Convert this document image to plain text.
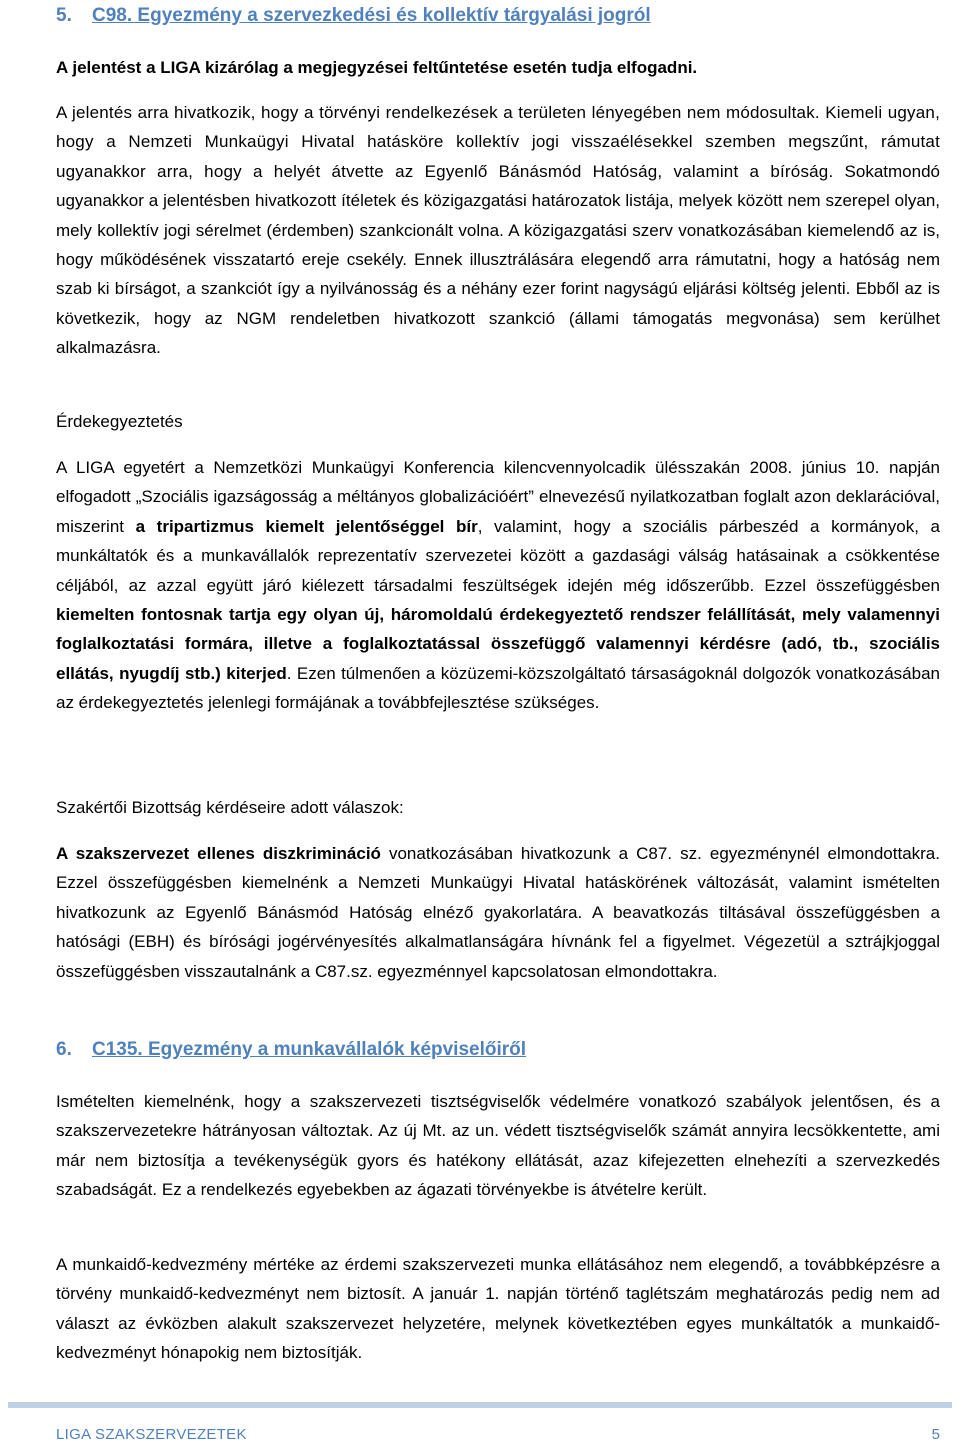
5. C98. Egyezmény a szervezkedési és kollektív tárgyalási jogról

A jelentést a LIGA kizárólag a megjegyzései feltűntetése esetén tudja elfogadni.

A jelentés arra hivatkozik, hogy a törvényi rendelkezések a területen lényegében nem módosultak. Kiemeli ugyan, hogy a Nemzeti Munkaügyi Hivatal hatásköre kollektív jogi visszaélésekkel szemben megszűnt, rámutat ugyanakkor arra, hogy a helyét átvette az Egyenlő Bánásmód Hatóság, valamint a bíróság. Sokatmondó ugyanakkor a jelentésben hivatkozott ítéletek és közigazgatási határozatok listája, melyek között nem szerepel olyan, mely kollektív jogi sérelmet (érdemben) szankcionált volna. A közigazgatási szerv vonatkozásában kiemelendő az is, hogy működésének visszatartó ereje csekély. Ennek illusztrálására elegendő arra rámutatni, hogy a hatóság nem szab ki bírságot, a szankciót így a nyilvánosság és a néhány ezer forint nagyságú eljárási költség jelenti. Ebből az is következik, hogy az NGM rendeletben hivatkozott szankció (állami támogatás megvonása) sem kerülhet alkalmazásra.

Érdekegyeztetés

A LIGA egyetért a Nemzetközi Munkaügyi Konferencia kilencvennyolcadik ülésszakán 2008. június 10. napján elfogadott „Szociális igazságosság a méltányos globalizációért” elnevezésű nyilatkozatban foglalt azon deklarációval, miszerint a tripartizmus kiemelt jelentőséggel bír, valamint, hogy a szociális párbeszéd a kormányok, a munkáltatók és a munkavállalók reprezentatív szervezetei között a gazdasági válság hatásainak a csökkentése céljából, az azzal együtt járó kiélezett társadalmi feszültségek idején még időszerűbb. Ezzel összefüggésben kiemelten fontosnak tartja egy olyan új, háromoldalú érdekegyeztető rendszer felállítását, mely valamennyi foglalkoztatási formára, illetve a foglalkoztatással összefüggő valamennyi kérdésre (adó, tb., szociális ellátás, nyugdíj stb.) kiterjed. Ezen túlmenően a közüzemi-közszolgáltató társaságoknál dolgozók vonatkozásában az érdekegyeztetés jelenlegi formájának a továbbfejlesztése szükséges.

Szakértői Bizottság kérdéseire adott válaszok:

A szakszervezet ellenes diszkrimináció vonatkozásában hivatkozunk a C87. sz. egyezménynél elmondottakra. Ezzel összefüggésben kiemelnénk a Nemzeti Munkaügyi Hivatal hatáskörének változását, valamint ismételten hivatkozunk az Egyenlő Bánásmód Hatóság elnéző gyakorlatára. A beavatkozás tiltásával összefüggésben a hatósági (EBH) és bírósági jogérvényesítés alkalmatlanságára hívnánk fel a figyelmet. Végezetül a sztrájkjoggal összefüggésben visszautalnánk a C87.sz. egyezménnyel kapcsolatosan elmondottakra.

6. C135. Egyezmény a munkavállalók képviselőiről

Ismételten kiemelnénk, hogy a szakszervezeti tisztségviselők védelmére vonatkozó szabályok jelentősen, és a szakszervezetekre hátrányosan változtak. Az új Mt. az un. védett tisztségviselők számát annyira lecsökkentette, ami már nem biztosítja a tevékenységük gyors és hatékony ellátását, azaz kifejezetten elnehezíti a szervezkedés szabadságát. Ez a rendelkezés egyebekben az ágazati törvényekbe is átvételre került.

A munkaidő-kedvezmény mértéke az érdemi szakszervezeti munka ellátásához nem elegendő, a továbbképzésre a törvény munkaidő-kedvezményt nem biztosít. A január 1. napján történő taglétszám meghatározás pedig nem ad választ az évközben alakult szakszervezet helyzetére, melynek következtében egyes munkáltatók a munkaidő-kedvezményt hónapokig nem biztosítják.

LIGA SZAKSZERVEZETEK	5
